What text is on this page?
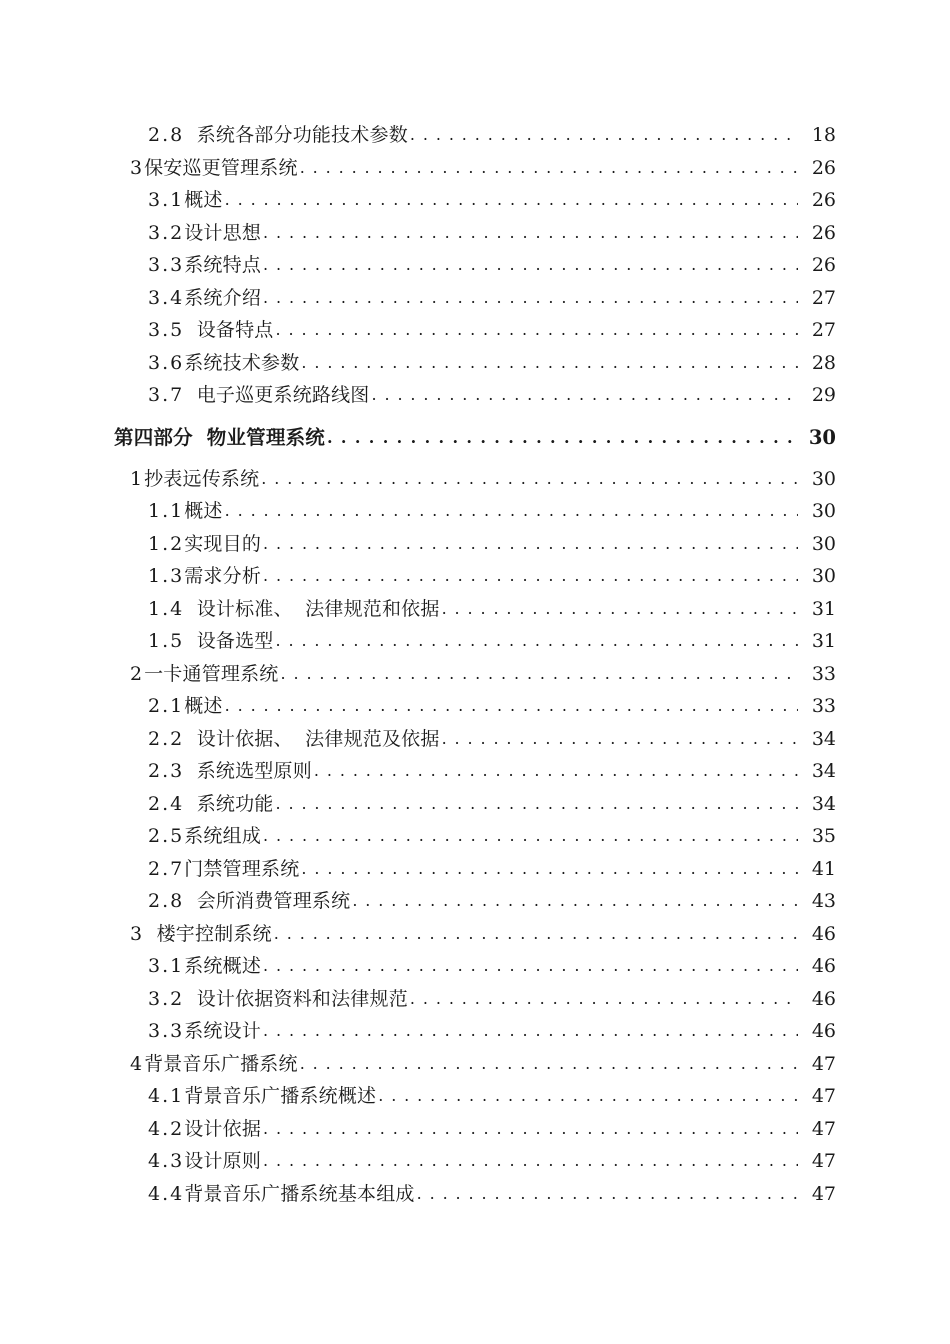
2.8  系统各部分功能技术参数 . . .	18
3保安巡更管理系统 . . .	26
3.1概述 . . .	26
3.2设计思想 . . .	26
3.3系统特点 . . .	26
3.4系统介绍 . . .	27
3.5  设备特点 . . .	27
3.6系统技术参数 . . .	28
3.7  电子巡更系统路线图 . . .	29
第四部分  物业管理系统 . . .	30
1抄表远传系统 . . .	30
1.1概述 . . .	30
1.2实现目的 . . .	30
1.3需求分析 . . .	30
1.4  设计标准、  法律规范和依据 . . .	31
1.5  设备选型 . . .	31
2一卡通管理系统 . . .	33
2.1概述 . . .	33
2.2  设计依据、  法律规范及依据 . . .	34
2.3  系统选型原则 . . .	34
2.4  系统功能 . . .	34
2.5系统组成 . . .	35
2.7门禁管理系统 . . .	41
2.8  会所消费管理系统 . . .	43
3  楼宇控制系统 . . .	46
3.1系统概述 . . .	46
3.2  设计依据资料和法律规范 . . .	46
3.3系统设计 . . .	46
4背景音乐广播系统 . . .	47
4.1背景音乐广播系统概述 . . .	47
4.2设计依据 . . .	47
4.3设计原则 . . .	47
4.4背景音乐广播系统基本组成 . . .	47
